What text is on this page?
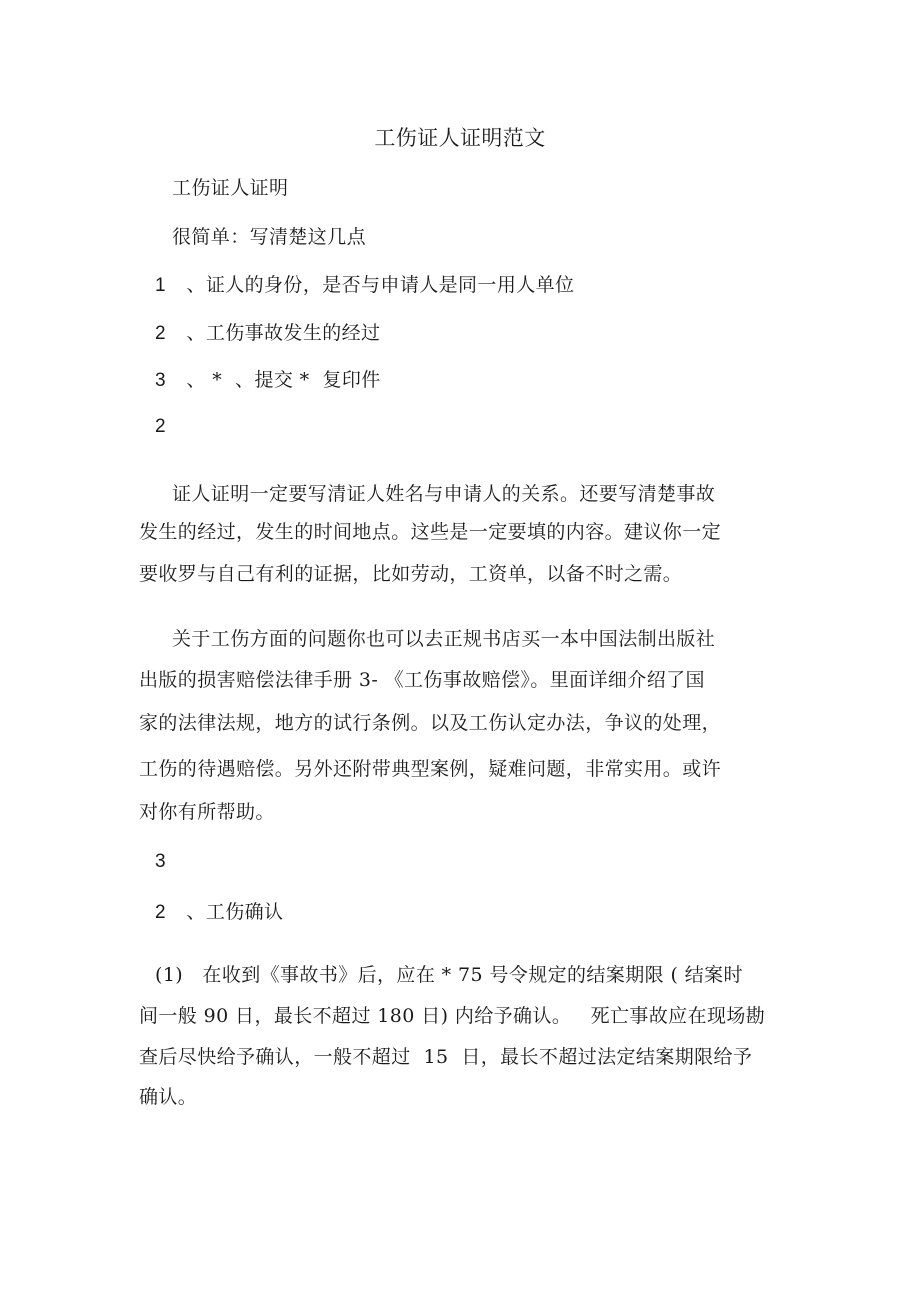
工伤证人证明范文
工伤证人证明
很简单：写清楚这几点
1 、证人的身份，是否与申请人是同一用人单位
2 、工伤事故发生的经过
3 、 *  、提交 *  复印件
2
证人证明一定要写清证人姓名与申请人的关系。还要写清楚事故
发生的经过，发生的时间地点。这些是一定要填的内容。建议你一定
要收罗与自己有利的证据，比如劳动，工资单，以备不时之需。
关于工伤方面的问题你也可以去正规书店买一本中国法制出版社
出版的损害赔偿法律手册 3- 《工伤事故赔偿》。里面详细介绍了国
家的法律法规，地方的试行条例。以及工伤认定办法，争议的处理，
工伤的待遇赔偿。另外还附带典型案例，疑难问题，非常实用。或许
对你有所帮助。
3
2 、工伤确认
(1)   在收到《事故书》后，应在 * 75 号令规定的结案期限 ( 结案时
间一般 90 日，最长不超过 180 日) 内给予确认。   死亡事故应在现场勘
查后尽快给予确认，一般不超过  15  日，最长不超过法定结案期限给予
确认。
